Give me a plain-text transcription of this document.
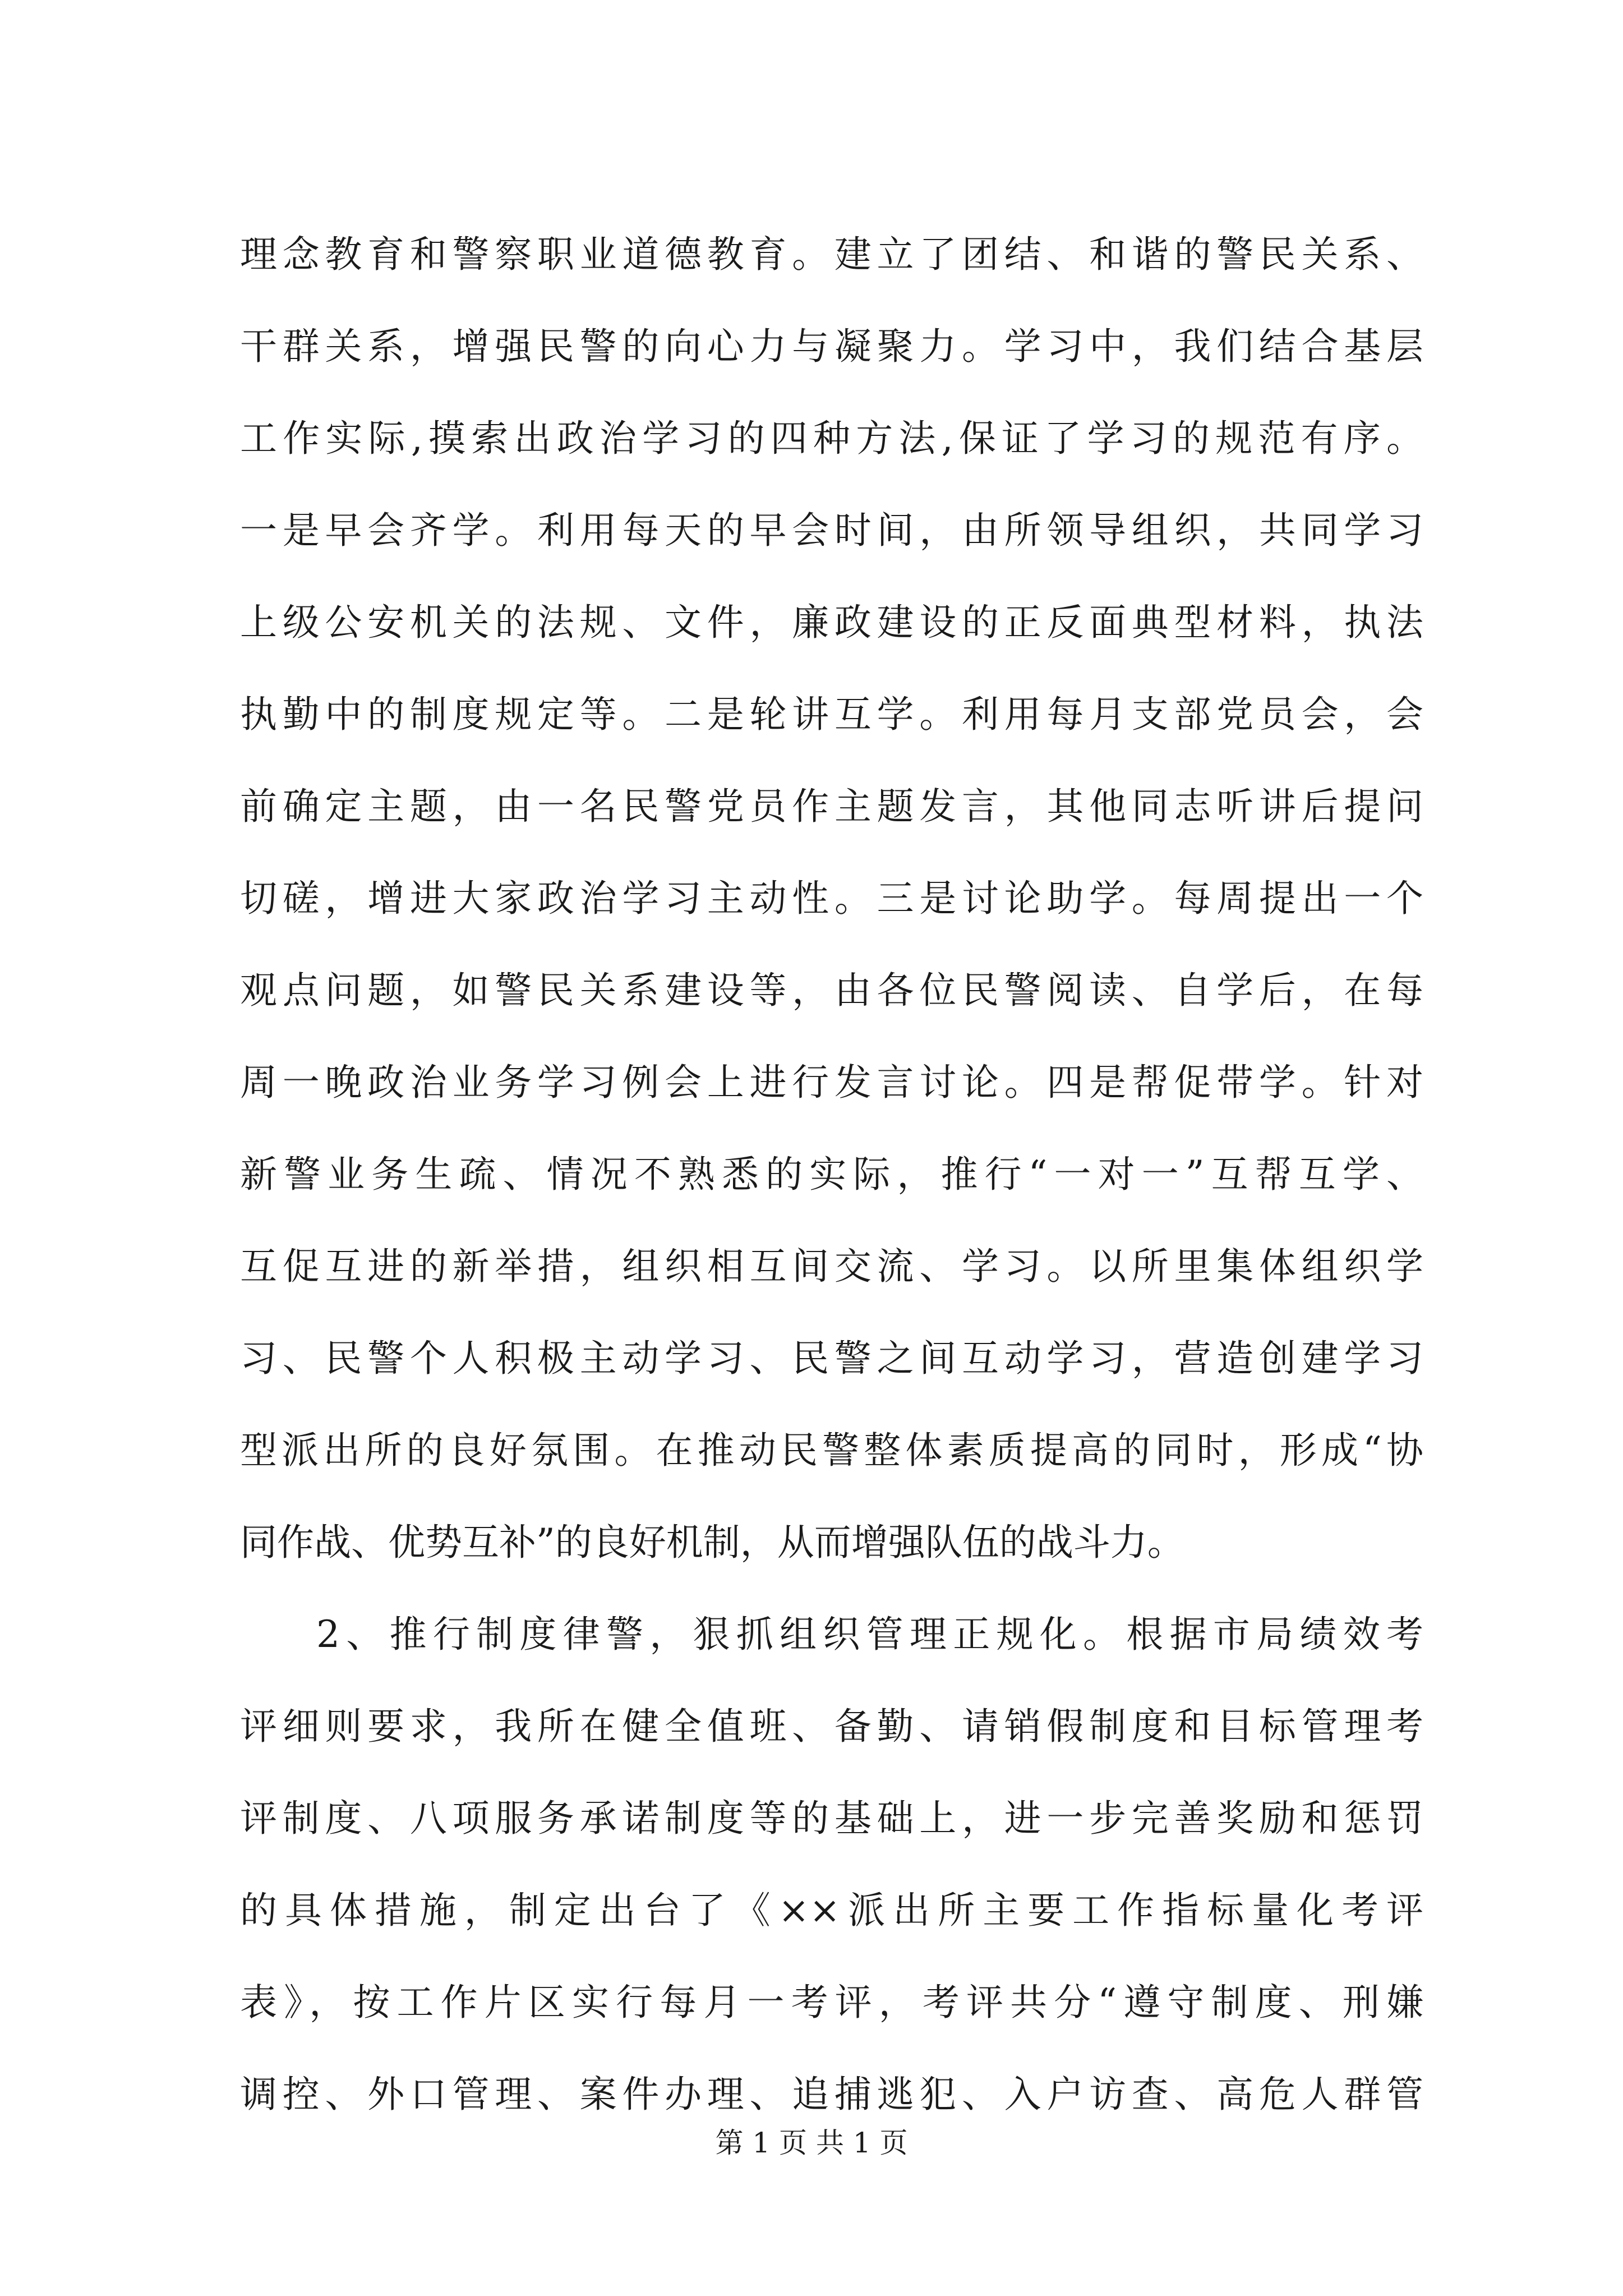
理念教育和警察职业道德教育。建立了团结、和谐的警民关系、
干群关系，增强民警的向心力与凝聚力。学习中，我们结合基层
工作实际,摸索出政治学习的四种方法,保证了学习的规范有序。
一是早会齐学。利用每天的早会时间，由所领导组织，共同学习
上级公安机关的法规、文件，廉政建设的正反面典型材料，执法
执勤中的制度规定等。二是轮讲互学。利用每月支部党员会，会
前确定主题，由一名民警党员作主题发言，其他同志听讲后提问
切磋，增进大家政治学习主动性。三是讨论助学。每周提出一个
观点问题，如警民关系建设等，由各位民警阅读、自学后，在每
周一晚政治业务学习例会上进行发言讨论。四是帮促带学。针对
新警业务生疏、情况不熟悉的实际，推行“一对一”互帮互学、
互促互进的新举措，组织相互间交流、学习。以所里集体组织学
习、民警个人积极主动学习、民警之间互动学习，营造创建学习
型派出所的良好氛围。在推动民警整体素质提高的同时，形成“协
同作战、优势互补”的良好机制，从而增强队伍的战斗力。
2、推行制度律警，狠抓组织管理正规化。根据市局绩效考
评细则要求，我所在健全值班、备勤、请销假制度和目标管理考
评制度、八项服务承诺制度等的基础上，进一步完善奖励和惩罚
的具体措施，制定出台了《××派出所主要工作指标量化考评
表》，按工作片区实行每月一考评，考评共分“遵守制度、刑嫌
调控、外口管理、案件办理、追捕逃犯、入户访查、高危人群管
第 1 页 共 1 页
